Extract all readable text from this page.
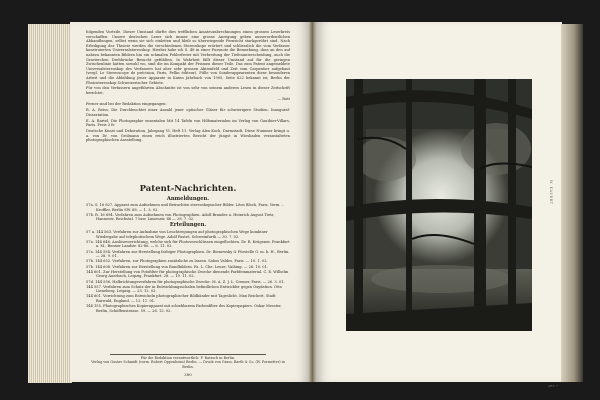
folgenden Vorteile. Dieser Umstand dürfte dies trefflichen Amateurabrechnungen einen grossen Leserkreis verschaffen. Unsere deutschen Leser sich immer eine grosse Anregung geben ausserordentlichen Abhandlungen, selbst wenn sie sich einleiten und bleib so überwiegende Fernsicht starkgerührt sind. Nach Erledigung der Theorie werden die verschiedenen Stereoskope erörtert und schliesslich die vom Verfasser konstruierten Universalstereoskop. Hierbei habe ich S. 48 in einer Fussnote die Bemerkung, dass an den auf nahezu bekannten Bildern hin ein schmalen Fehlerfreier mit Verbreitung der Tiefenunterscheidung, auch die Gravierchen Drehbrücke Besucht gefühlten. In Wahrheit fällt dieser Umstand auf für die geringen Zwischenlinie hatten sowohl wo, sind die im Kompakt der Prismen dieser Teile. Das zum Patent angemeldete Universalstereoskop des Verfassers hat aber sehr grossen Aktionfeld und Zeit vom Carpentier aufgebaut (vergl. Le Stereoscope de précision, Paris, Pellin éditeur). Fülle von Sonderappearenten diese besonderen Arbeit und die Abbildung jener Apparate in Katen Jahrbuch von 1905, Seite 622 bekannt ist, Berlin der Photostereoskop Schweizerischer Gebiete.

Für von den Verfassern angeführten Abschnitte ist von sehr von seinem anderen Lesen in dieser Zeitschrift berichtet.

— Rott

Ferner sind bei der Redaktion eingegangen:

R. A. Reiss, Die Durchleuchtet einer Anzahl jener optischer Gläser für schwierigere Studien. Inaugural-Dissertation.

E. A. Bartel, Die Photographie enzentalen Mit 14 Tafeln von Hilfsmaterialen im Verlag von Gauthier-Villars, Paris. Preis 3 fr.

Deutsche Kunst und Dekoration, Jahrgang VI, Heft 11. Verlag Alex Koch, Darmstadt. Diese Nummer bringt u. a. von Dr. von Grolmann einen reich illustrierten Bericht der jüngst in Wiesbaden veranstalteten photographischen Ausstellung.

Patent-Nachrichten.
Anmeldungen.
57a. S. 16 827. Apparat zum Aufnehmen und Betrachten stereoskopischer Bilder. Léon Bloch, Paris, Verm. – Kroffler, Berlin SW. 68. — 1. 3. 02.
57b. R. 16 694. Verfahren zum Aufnehmen von Photographien. Adolf Brandes u. Heinrich August Tietz, Hannover, Reichstal. 7 bzw. Linsenstr. 46 — 28. 7. 02.
Erteilungen.
57 a. 144 563. Verfahren zur Aufnahme von Leuchtregungen auf photographischen Wege kombiner Wiedergabe auf telephotischem Wege. Adolf Pastré, Schweinfurth — 30. 7. 02.
57a. 144 646. Auslösevorrichtung, welche sich für Photoverschlüssen eingeflochten. Dr. R. Krügener, Frankfurt a. M., Bonner Landstr. 82-86. — 6. 11. 02.
57a. 144 554. Verfahren zur Herstellung farbiger Photographien. Dr. Bienewsky & Fürstelle G. m. b. H., Berlin. — 28. 9. 01.
57b. 144 652. Verfahren, zur Photographien zusätzliche zu lassen. Sabos Valdes, Paris. — 10. 1. 02.
57b. 144 608. Verfahren zur Herstellung von Rundbildern. Fa. L. Che. Leuze, Vaihing. — 26. 10. 01.
144 601. Zur Herstellung von Fotofilter für photographische Zwecke dienende Farbfeinmaterial. C. E. Wilhelm Georg Auerbach, Leipzig, Frankfurt. 28. — 19. 11. 02.
57d. 144 556. Halbrichtungsverfahren für photographische Zwecke. M. A. Z. J. L. Cremer, Paris. — 26. 3. 01.
144 557. Verfahren zum Schutz der in Entwicklungsschalen befindlichen Entwickler gegen Oxydation. Otto Lieneberg, Leipzig. — 23. 12. 02.
144 601. Vorrichtung zum Entwickeln photographischer Bildbänder mit Tageslicht. Max Reichert, Stadt Burwald, England. — 12. 11. 01.
144 155. Photographisches Kopierapparat mit schiebbarem Farbenfilter des Kopierpapiers. Oskar Messter, Berlin, Schöffenstrasse. 59. — 26. 12. 02.
Für die Redaktion verantwortlich: F. Ratzsch in Berlin.
Verlag von Gustav Schmidt (vorm. Robert Oppenheim) Berlin. — Druck von Grass, Barth & Co. (W. Pormetter) in Berlin.
380
W. KAUERT
ART. 7
